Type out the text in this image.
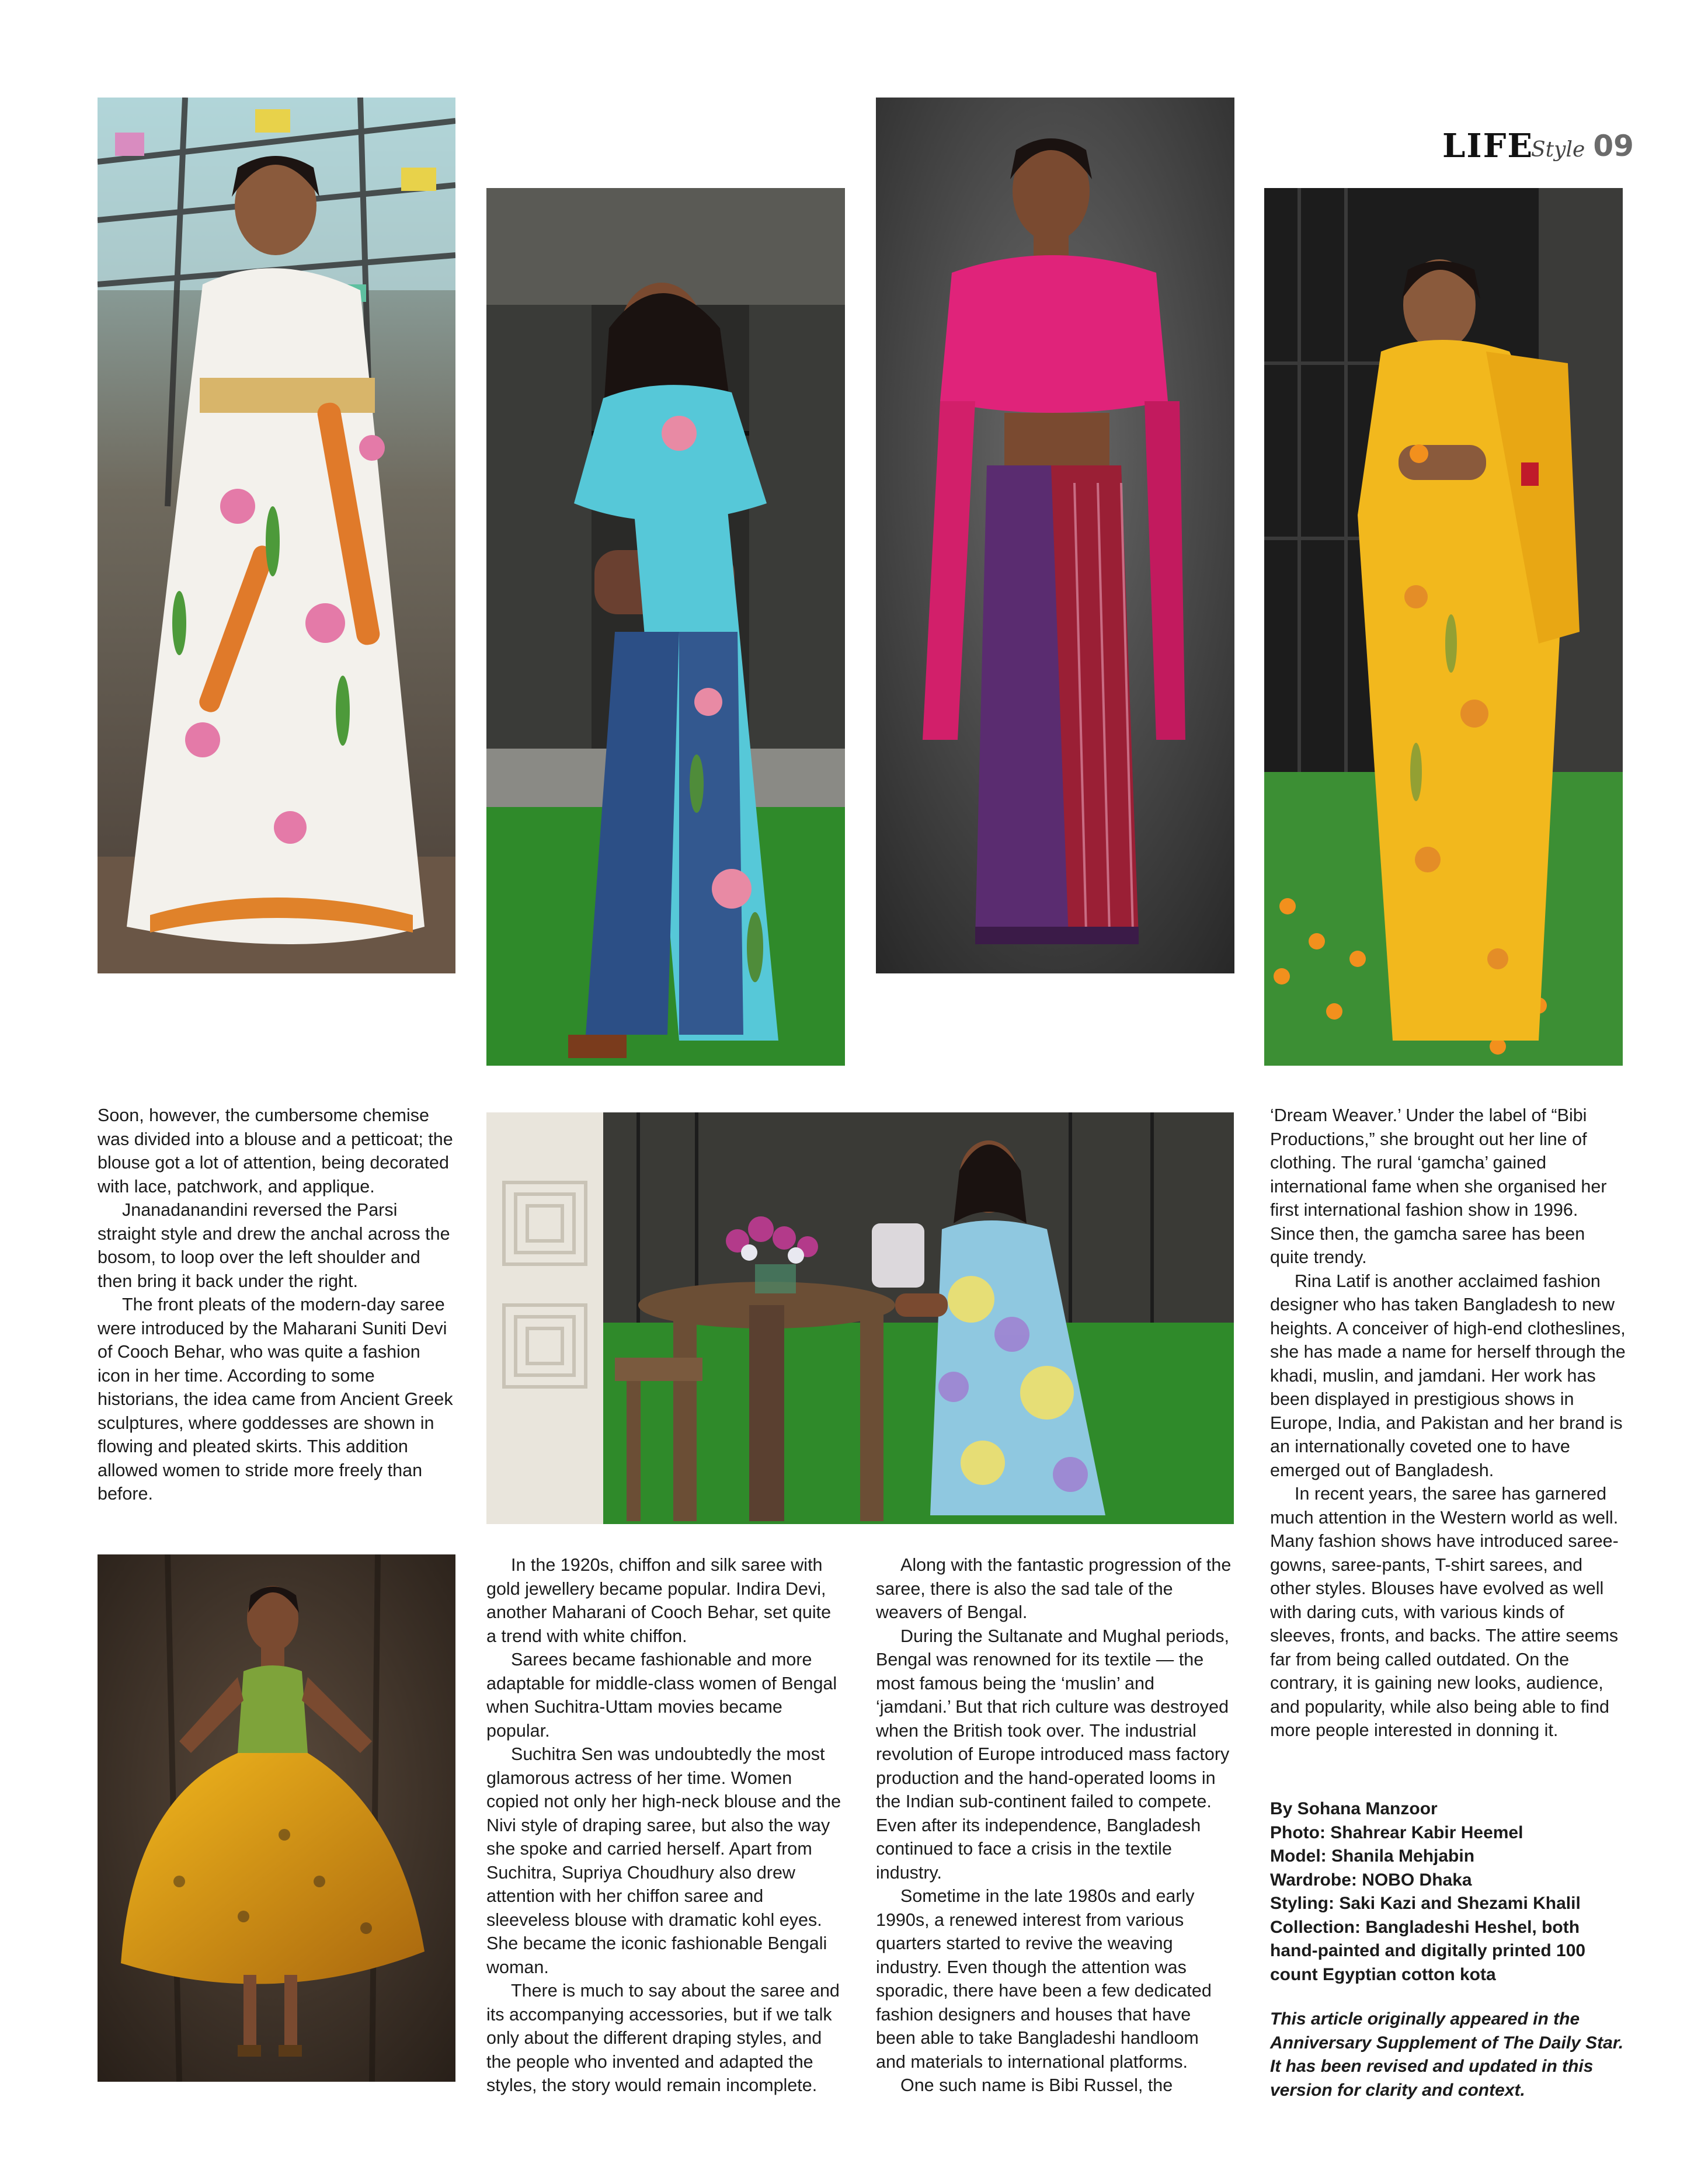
LIFE
Style 09

Soon, however, the cumbersome chemise was divided into a blouse and a petticoat; the blouse got a lot of attention, being decorated with lace, patchwork, and applique.

Jnanadanandini reversed the Parsi straight style and drew the anchal across the bosom, to loop over the left shoulder and then bring it back under the right.

The front pleats of the modern-day saree were introduced by the Maharani Suniti Devi of Cooch Behar, who was quite a fashion icon in her time. According to some historians, the idea came from Ancient Greek sculptures, where goddesses are shown in flowing and pleated skirts. This addition allowed women to stride more freely than before.

In the 1920s, chiffon and silk saree with gold jewellery became popular. Indira Devi, another Maharani of Cooch Behar, set quite a trend with white chiffon.

Sarees became fashionable and more adaptable for middle-class women of Bengal when Suchitra-Uttam movies became popular.

Suchitra Sen was undoubtedly the most glamorous actress of her time. Women copied not only her high-neck blouse and the Nivi style of draping saree, but also the way she spoke and carried herself. Apart from Suchitra, Supriya Choudhury also drew attention with her chiffon saree and sleeveless blouse with dramatic kohl eyes. She became the iconic fashionable Bengali woman.

There is much to say about the saree and its accompanying accessories, but if we talk only about the different draping styles, and the people who invented and adapted the styles, the story would remain incomplete.

Along with the fantastic progression of the saree, there is also the sad tale of the weavers of Bengal.

During the Sultanate and Mughal periods, Bengal was renowned for its textile — the most famous being the ‘muslin’ and ‘jamdani.’ But that rich culture was destroyed when the British took over. The industrial revolution of Europe introduced mass factory production and the hand-operated looms in the Indian sub-continent failed to compete. Even after its independence, Bangladesh continued to face a crisis in the textile industry.

Sometime in the late 1980s and early 1990s, a renewed interest from various quarters started to revive the weaving industry. Even though the attention was sporadic, there have been a few dedicated fashion designers and houses that have been able to take Bangladeshi handloom and materials to international platforms.

One such name is Bibi Russel, the

‘Dream Weaver.’ Under the label of “Bibi Productions,” she brought out her line of clothing. The rural ‘gamcha’ gained international fame when she organised her first international fashion show in 1996. Since then, the gamcha saree has been quite trendy.

Rina Latif is another acclaimed fashion designer who has taken Bangladesh to new heights. A conceiver of high-end clotheslines, she has made a name for herself through the khadi, muslin, and jamdani. Her work has been displayed in prestigious shows in Europe, India, and Pakistan and her brand is an internationally coveted one to have emerged out of Bangladesh.

In recent years, the saree has garnered much attention in the Western world as well. Many fashion shows have introduced saree-gowns, saree-pants, T-shirt sarees, and other styles. Blouses have evolved as well with daring cuts, with various kinds of sleeves, fronts, and backs. The attire seems far from being called outdated. On the contrary, it is gaining new looks, audience, and popularity, while also being able to find more people interested in donning it.

By Sohana Manzoor

Photo: Shahrear Kabir Heemel

Model: Shanila Mehjabin

Wardrobe: NOBO Dhaka

Styling: Saki Kazi and Shezami Khalil

Collection: Bangladeshi Heshel, both hand-painted and digitally printed 100 count Egyptian cotton kota

This article originally appeared in the Anniversary Supplement of The Daily Star. It has been revised and updated in this version for clarity and context.
